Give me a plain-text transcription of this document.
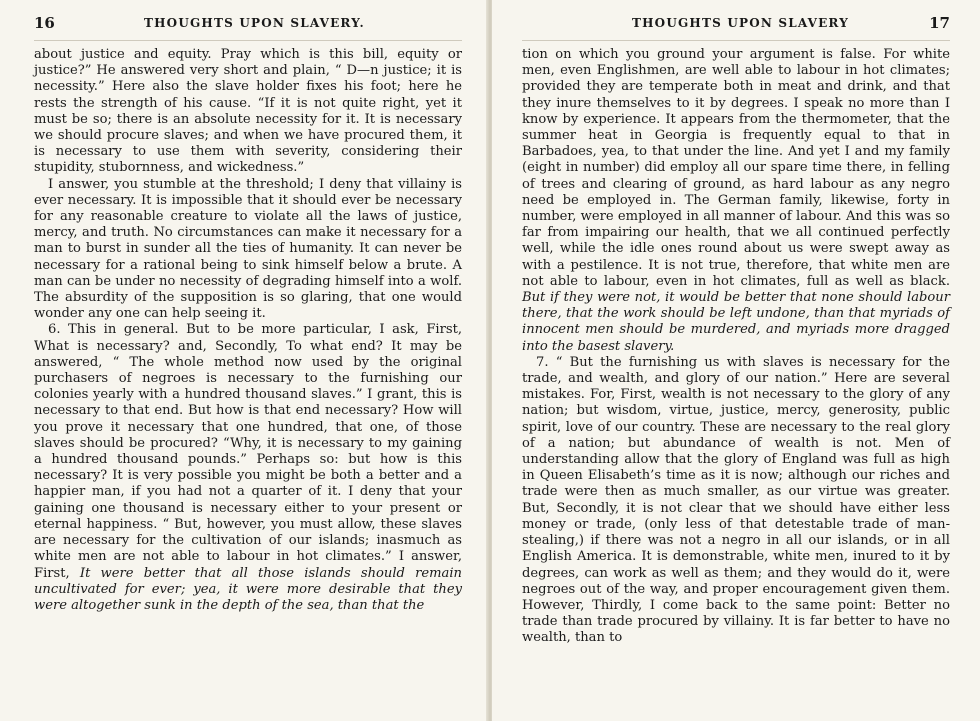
16	THOUGHTS UPON SLAVERY.

about justice and equity. Pray which is this bill, equity or justice?” He answered very short and plain, “ D—n justice; it is necessity.” Here also the slave holder fixes his foot; here he rests the strength of his cause. “If it is not quite right, yet it must be so; there is an absolute necessity for it. It is necessary we should procure slaves; and when we have procured them, it is necessary to use them with severity, considering their stupidity, stubornness, and wickedness.”

I answer, you stumble at the threshold; I deny that villainy is ever necessary. It is impossible that it should ever be necessary for any reasonable creature to violate all the laws of justice, mercy, and truth. No circumstances can make it necessary for a man to burst in sunder all the ties of humanity. It can never be necessary for a rational being to sink himself below a brute. A man can be under no necessity of degrading himself into a wolf. The absurdity of the supposition is so glaring, that one would wonder any one can help seeing it.

6. This in general. But to be more particular, I ask, First, What is necessary? and, Secondly, To what end? It may be answered, “ The whole method now used by the original purchasers of negroes is necessary to the furnishing our colonies yearly with a hundred thousand slaves.” I grant, this is necessary to that end. But how is that end necessary? How will you prove it necessary that one hundred, that one, of those slaves should be procured? “Why, it is necessary to my gaining a hundred thousand pounds.” Perhaps so: but how is this necessary? It is very possible you might be both a better and a happier man, if you had not a quarter of it. I deny that your gaining one thousand is necessary either to your present or eternal happiness. “ But, however, you must allow, these slaves are necessary for the cultivation of our islands; inasmuch as white men are not able to labour in hot climates.” I answer, First, It were better that all those islands should remain uncultivated for ever; yea, it were more desirable that they were altogether sunk in the depth of the sea, than that the

THOUGHTS UPON SLAVERY	17

tion on which you ground your argument is false. For white men, even Englishmen, are well able to labour in hot climates; provided they are temperate both in meat and drink, and that they inure themselves to it by degrees. I speak no more than I know by experience. It appears from the thermometer, that the summer heat in Georgia is frequently equal to that in Barbadoes, yea, to that under the line. And yet I and my family (eight in number) did employ all our spare time there, in felling of trees and clearing of ground, as hard labour as any negro need be employed in. The German family, likewise, forty in number, were employed in all manner of labour. And this was so far from impairing our health, that we all continued perfectly well, while the idle ones round about us were swept away as with a pestilence. It is not true, therefore, that white men are not able to labour, even in hot climates, full as well as black. But if they were not, it would be better that none should labour there, that the work should be left undone, than that myriads of innocent men should be murdered, and myriads more dragged into the basest slavery.

7. “ But the furnishing us with slaves is necessary for the trade, and wealth, and glory of our nation.” Here are several mistakes. For, First, wealth is not necessary to the glory of any nation; but wisdom, virtue, justice, mercy, generosity, public spirit, love of our country. These are necessary to the real glory of a nation; but abundance of wealth is not. Men of understanding allow that the glory of England was full as high in Queen Elisabeth’s time as it is now; although our riches and trade were then as much smaller, as our virtue was greater. But, Secondly, it is not clear that we should have either less money or trade, (only less of that detestable trade of man-stealing,) if there was not a negro in all our islands, or in all English America. It is demonstrable, white men, inured to it by degrees, can work as well as them; and they would do it, were negroes out of the way, and proper encouragement given them. However, Thirdly, I come back to the same point: Better no trade than trade procured by villainy. It is far better to have no wealth, than to
